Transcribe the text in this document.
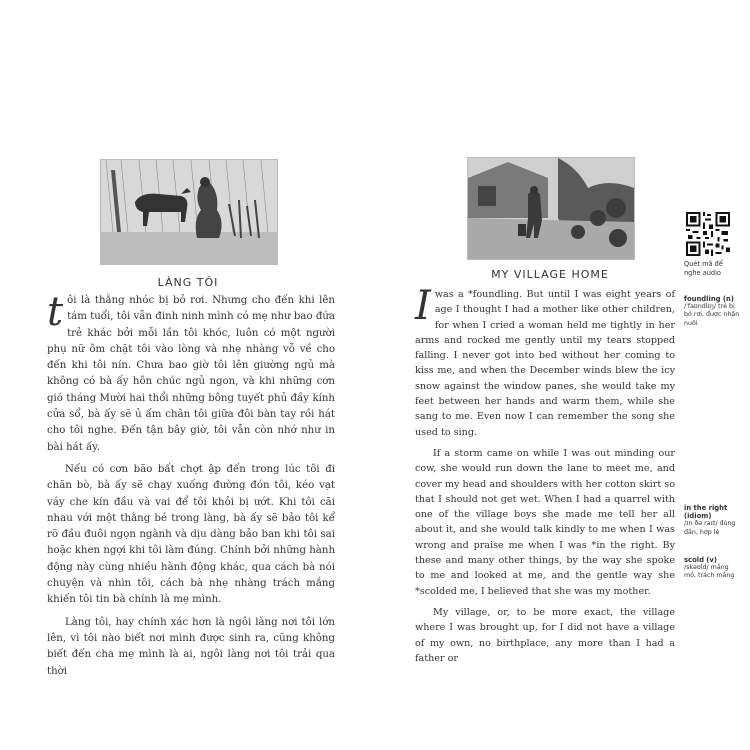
LÀNG TÔI

tôi là thằng nhóc bị bỏ rơi. Nhưng cho đến khi lên tám tuổi, tôi vẫn đinh ninh mình có mẹ như bao đứa trẻ khác bởi mỗi lần tôi khóc, luôn có một người phụ nữ ôm chặt tôi vào lòng và nhẹ nhàng vỗ về cho đến khi tôi nín. Chưa bao giờ tôi lên giường ngủ mà không có bà ấy hôn chúc ngủ ngon, và khi những cơn gió tháng Mười hai thổi những bông tuyết phủ đầy kính cửa sổ, bà ấy sẽ ủ ấm chân tôi giữa đôi bàn tay rồi hát cho tôi nghe. Đến tận bây giờ, tôi vẫn còn nhớ như in bài hát ấy.

Nếu có cơn bão bất chợt ập đến trong lúc tôi đi chăn bò, bà ấy sẽ chạy xuống đường đón tôi, kéo vạt váy che kín đầu và vai để tôi khỏi bị ướt. Khi tôi cãi nhau với một thằng bé trong làng, bà ấy sẽ bảo tôi kể rõ đầu đuôi ngọn ngành và dịu dàng bảo ban khi tôi sai hoặc khen ngợi khi tôi làm đúng. Chính bởi những hành động này cùng nhiều hành động khác, qua cách bà nói chuyện và nhìn tôi, cách bà nhẹ nhàng trách mắng khiến tôi tin bà chính là mẹ mình.

Làng tôi, hay chính xác hơn là ngôi làng nơi tôi lớn lên, vì tôi nào biết nơi mình được sinh ra, cũng không biết đến cha mẹ mình là ai, ngôi làng nơi tôi trải qua thời

MY VILLAGE HOME

Iwas a *foundling. But until I was eight years of age I thought I had a mother like other children, for when I cried a woman held me tightly in her arms and rocked me gently until my tears stopped falling. I never got into bed without her coming to kiss me, and when the December winds blew the icy snow against the window panes, she would take my feet between her hands and warm them, while she sang to me. Even now I can remember the song she used to sing.

If a storm came on while I was out minding our cow, she would run down the lane to meet me, and cover my head and shoulders with her cotton skirt so that I should not get wet. When I had a quarrel with one of the village boys she made me tell her all about it, and she would talk kindly to me when I was wrong and praise me when I was *in the right. By these and many other things, by the way she spoke to me and looked at me, and the gentle way she *scolded me, I believed that she was my mother.

My village, or, to be more exact, the village where I was brought up, for I did not have a village of my own, no birthplace, any more than I had a father or

Quét mã để nghe audio
foundling (n)
/ˈfaʊndlɪŋ/ trẻ bị bỏ rơi, được nhận nuôi
in the right (idiom)
/ɪn ðə raɪt/ đúng đắn, hợp lệ
scold (v)
/skəʊld/ mắng mỏ, trách mắng
